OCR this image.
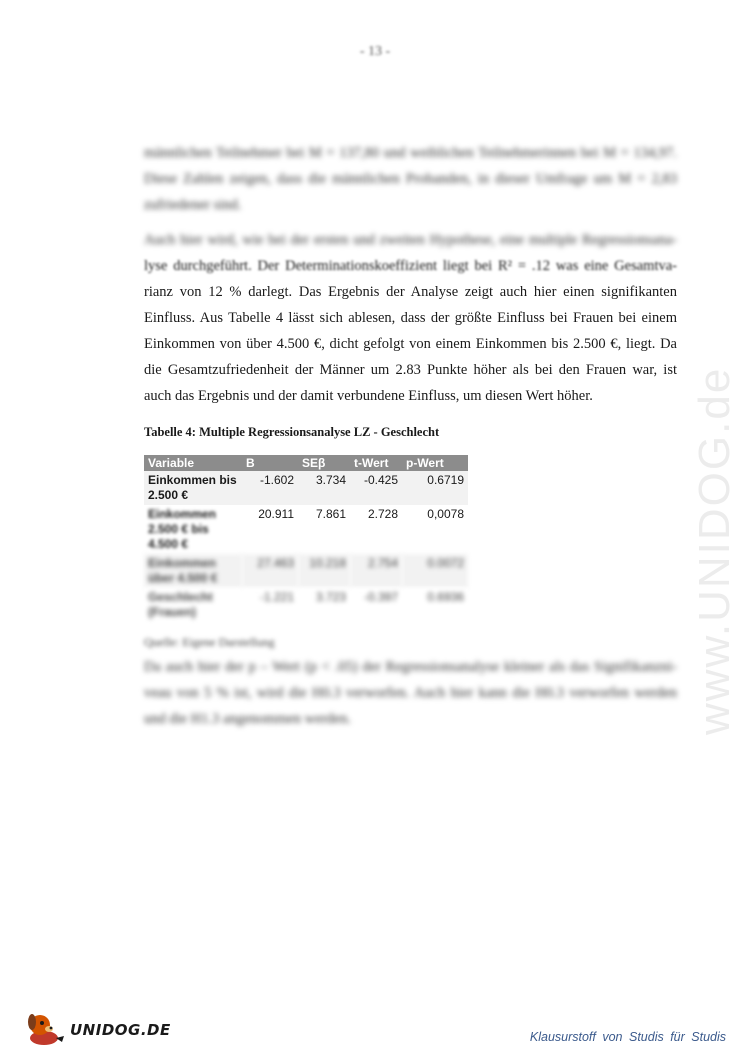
- 13 -
www.UNIDOG.de
männlichen Teilnehmer bei M = 137,80 und weiblichen Teilnehmerinnen bei M = 134,97.
Diese Zahlen zeigen, dass die männlichen Probanden, in dieser Umfrage um M = 2,83
zufriedener sind.
Auch hier wird, wie bei der ersten und zweiten Hypothese, eine multiple Regressionsana-
lyse durchgeführt. Der Determinationskoeffizient liegt bei R² = .12 was eine Gesamtva-
rianz von 12 % darlegt. Das Ergebnis der Analyse zeigt auch hier einen signifikanten
Einfluss. Aus Tabelle 4 lässt sich ablesen, dass der größte Einfluss bei Frauen bei einem
Einkommen von über 4.500 €, dicht gefolgt von einem Einkommen bis 2.500 €, liegt. Da
die Gesamtzufriedenheit der Männer um 2.83 Punkte höher als bei den Frauen war, ist
auch das Ergebnis und der damit verbundene Einfluss, um diesen Wert höher.
Tabelle 4: Multiple Regressionsanalyse LZ - Geschlecht
Variable	B	SEβ	t-Wert	p-Wert
Einkommen bis 2.500 €	-1.602	3.734	-0.425	0.6719

Einkommen 2.500 € bis 4.500 €	20.911	7.861	2.728	0,0078
Einkommen über 4.500 €	27.463	10.218	2.754	0.0072
Geschlecht (Frauen)	-1.221	3.723	-0.397	0.6936
Quelle: Eigene Darstellung
Da auch hier der p – Wert (p < .05) der Regressionsanalyse kleiner als das Signifikanzni-
veau von 5 % ist, wird die H0.3 verworfen. Auch hier kann die H0.3 verworfen werden
und die H1.3 angenommen werden.
UNIDOG.DE	Klausurstoff von Studis für Studis
